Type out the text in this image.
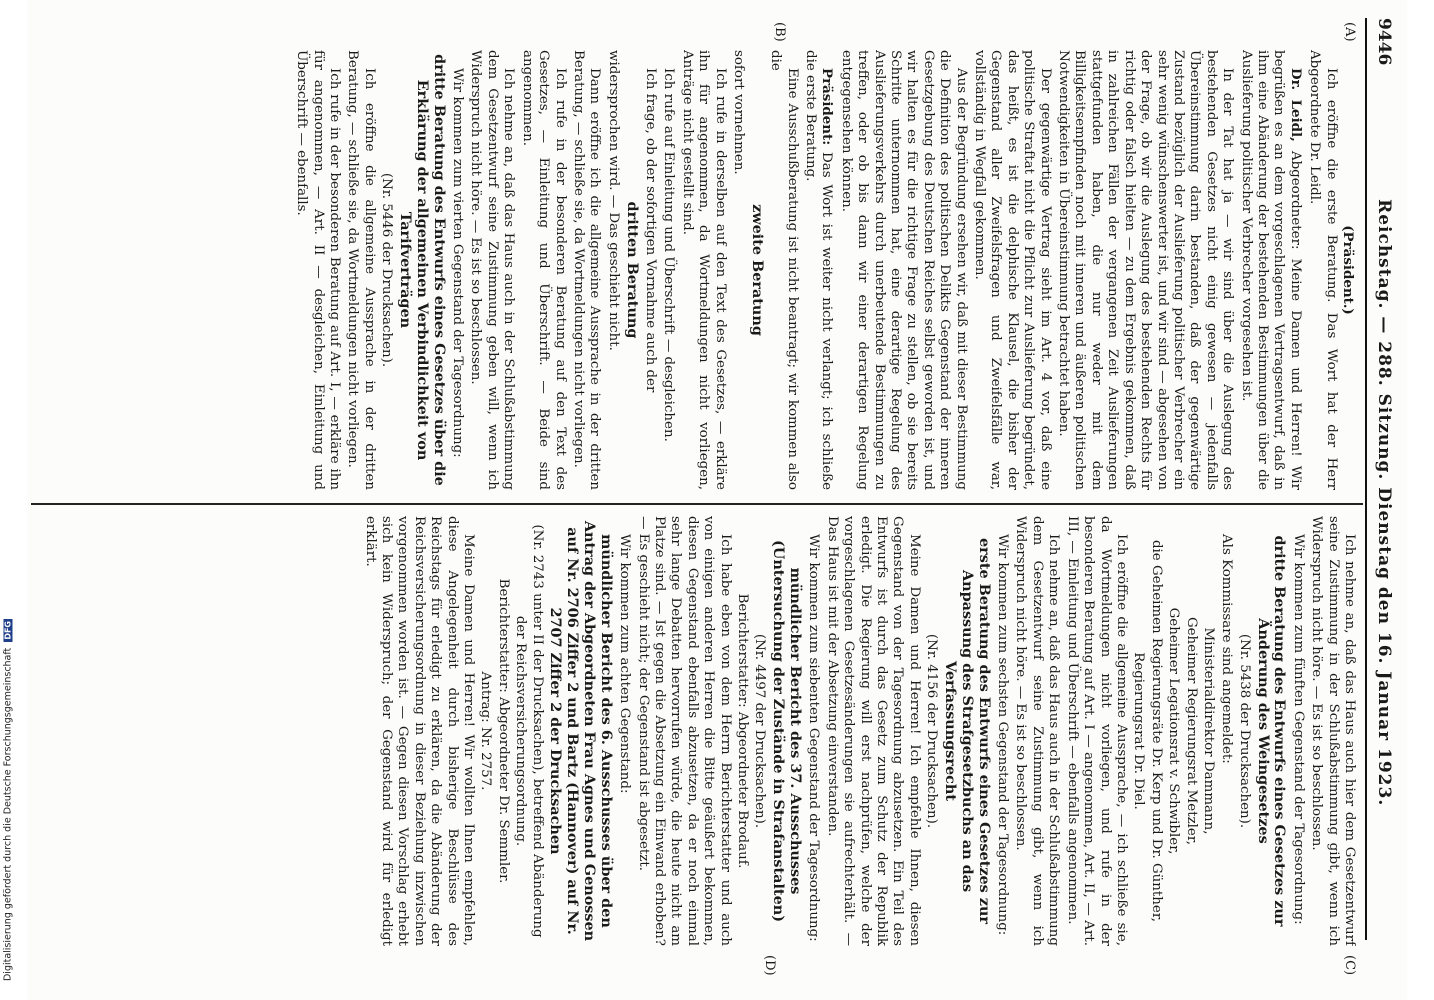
9446
Reichstag. — 288. Sitzung. Dienstag den 16. Januar 1923.
(A)
(B)
(C)
(D)

(Präsident.)

Ich eröffne die erste Beratung. Das Wort hat der Herr Abgeordnete Dr. Leidl.

Dr. Leidl, Abgeordneter: Meine Damen und Herren! Wir begrüßen es an dem vorgeschlagenen Vertragsentwurf, daß in ihm eine Abänderung der bestehenden Bestimmungen über die Auslieferung politischer Verbrecher vorgesehen ist.

In der Tat hat ja — wir sind über die Auslegung des bestehenden Gesetzes nicht einig gewesen — jedenfalls Übereinstimmung darin bestanden, daß der gegenwärtige Zustand bezüglich der Auslieferung politischer Verbrecher ein sehr wenig wünschenswerter ist, und wir sind — abgesehen von der Frage, ob wir die Auslegung des bestehenden Rechts für richtig oder falsch hielten — zu dem Ergebnis gekommen, daß in zahlreichen Fällen der vergangenen Zeit Auslieferungen stattgefunden haben, die nur weder mit dem Billigkeitsempfinden noch mit inneren und äußeren politischen Notwendigkeiten in Übereinstimmung betrachtet haben.

Der gegenwärtige Vertrag sieht im Art. 4 vor, daß eine politische Straftat nicht die Pflicht zur Auslieferung begründet, das heißt, es ist die delphische Klausel, die bisher der Gegenstand aller Zweifelsfragen und Zweifelsfälle war, vollständig in Wegfall gekommen.

Aus der Begründung ersehen wir, daß mit dieser Bestimmung die Definition des politischen Delikts Gegenstand der inneren Gesetzgebung des Deutschen Reiches selbst geworden ist, und wir halten es für die richtige Frage zu stellen, ob sie bereits Schritte unternommen hat, eine derartige Regelung des Auslieferungsverkehrs durch unerbeutende Bestimmungen zu treffen, oder ob bis dann wir einer derartigen Regelung entgegensehen können.

Präsident: Das Wort ist weiter nicht verlangt; ich schließe die erste Beratung.

Eine Ausschußberatung ist nicht beantragt; wir kommen also die

zweite Beratung

sofort vornehmen.

Ich rufe in derselben auf den Text des Gesetzes, — erkläre ihn für angenommen, da Wortmeldungen nicht vorliegen, Anträge nicht gestellt sind.

Ich rufe auf Einleitung und Überschrift — desgleichen.

Ich frage, ob der sofortigen Vornahme auch der

dritten Beratung

widersprochen wird. — Das geschieht nicht.

Dann eröffne ich die allgemeine Aussprache in der dritten Beratung, — schließe sie, da Wortmeldungen nicht vorliegen.

Ich rufe in der besonderen Beratung auf den Text des Gesetzes, — Einleitung und Überschrift. — Beide sind angenommen.

Ich nehme an, daß das Haus auch in der Schlußabstimmung dem Gesetzentwurf seine Zustimmung geben will, wenn ich Widerspruch nicht höre. — Es ist so beschlossen.

Wir kommen zum vierten Gegenstand der Tagesordnung:

dritte Beratung des Entwurfs eines Gesetzes über die Erklärung der allgemeinen Verbindlichkeit von Tarifverträgen

(Nr. 5446 der Drucksachen).

Ich eröffne die allgemeine Aussprache in der dritten Beratung, — schließe sie, da Wortmeldungen nicht vorliegen.

Ich rufe in der besonderen Beratung auf Art. I, — erkläre ihn für angenommen, — Art. II — desgleichen, Einleitung und Überschrift — ebenfalls.

Ich nehme an, daß das Haus auch hier dem Gesetzentwurf seine Zustimmung in der Schlußabstimmung gibt, wenn ich Widerspruch nicht höre. — Es ist so beschlossen.

Wir kommen zum fünften Gegenstand der Tagesordnung:

dritte Beratung des Entwurfs eines Gesetzes zur Änderung des Weingesetzes

(Nr. 5438 der Drucksachen).

Als Kommissare sind angemeldet:

Ministerialdirektor Dammann,

Geheimer Regierungsrat Metzler,

Geheimer Legationsrat v. Schwibler,

die Geheimen Regierungsräte Dr. Kerp und Dr. Günther,

Regierungsrat Dr. Diel.

Ich eröffne die allgemeine Aussprache, — ich schließe sie, da Wortmeldungen nicht vorliegen, und rufe in der besonderen Beratung auf Art. I — angenommen, Art. II, — Art. III, — Einleitung und Überschrift — ebenfalls angenommen.

Ich nehme an, daß das Haus auch in der Schlußabstimmung dem Gesetzentwurf seine Zustimmung gibt, wenn ich Widerspruch nicht höre. — Es ist so beschlossen.

Wir kommen zum sechsten Gegenstand der Tagesordnung:

erste Beratung des Entwurfs eines Gesetzes zur Anpassung des Strafgesetzbuchs an das Verfassungsrecht

(Nr. 4156 der Drucksachen).

Meine Damen und Herren! Ich empfehle Ihnen, diesen Gegenstand von der Tagesordnung abzusetzen. Ein Teil des Entwurfs ist durch das Gesetz zum Schutz der Republik erledigt. Die Regierung will erst nachprüfen, welche der vorgeschlagenen Gesetzesänderungen sie aufrechterhält. — Das Haus ist mit der Absetzung einverstanden.

Wir kommen zum siebenten Gegenstand der Tagesordnung:

mündlicher Bericht des 37. Ausschusses (Untersuchung der Zustände in Strafanstalten)

(Nr. 4497 der Drucksachen).

Berichterstatter: Abgeordneter Brodauf.

Ich habe eben von dem Herrn Berichterstatter und auch von einigen anderen Herren die Bitte geäußert bekommen, diesen Gegenstand ebenfalls abzusetzen, da er noch einmal sehr lange Debatten hervorrufen würde, die heute nicht am Platze sind. — Ist gegen die Absetzung ein Einwand erhoben? — Es geschieht nicht; der Gegenstand ist abgesetzt.

Wir kommen zum achten Gegenstand:

mündlicher Bericht des 6. Ausschusses über den Antrag der Abgeordneten Frau Agnes und Genossen auf Nr. 2706 Ziffer 2 und Bartz (Hannover) auf Nr. 2707 Ziffer 2 der Drucksachen

(Nr. 2743 unter II der Drucksachen), betreffend Abänderung der Reichsversicherungsordnung.

Berichterstatter: Abgeordneter Dr. Semmler.

Antrag: Nr. 2757.

Meine Damen und Herren! Wir wollten Ihnen empfehlen, diese Angelegenheit durch bisherige Beschlüsse des Reichstags für erledigt zu erklären, da die Abänderung der Reichsversicherungsordnung in dieser Beziehung inzwischen vorgenommen worden ist. — Gegen diesen Vorschlag erhebt sich kein Widerspruch; der Gegenstand wird für erledigt erklärt.

Digitalisierung gefördert durch die Deutsche Forschungsgemeinschaft DFG
